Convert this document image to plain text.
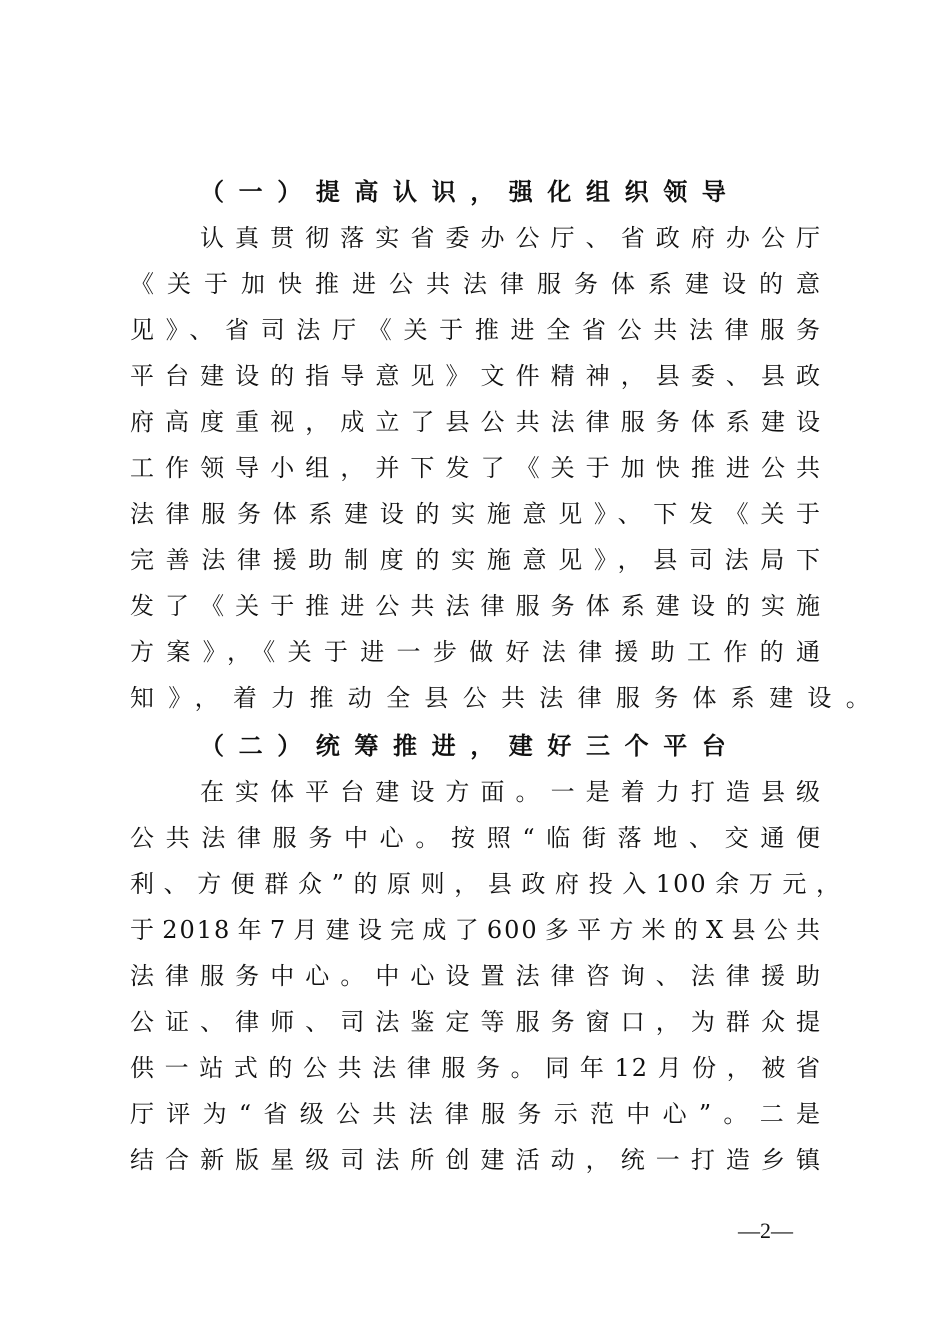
（一）提高认识，强化组织领导
认真贯彻落实省委办公厅、省政府办公厅
《关于加快推进公共法律服务体系建设的意
见》、省司法厅《关于推进全省公共法律服务
平台建设的指导意见》文件精神，县委、县政
府高度重视，成立了县公共法律服务体系建设
工作领导小组，并下发了《关于加快推进公共
法律服务体系建设的实施意见》、下发《关于
完善法律援助制度的实施意见》，县司法局下
发了《关于推进公共法律服务体系建设的实施
方案》，《关于进一步做好法律援助工作的通
知》，着力推动全县公共法律服务体系建设。
（二）统筹推进，建好三个平台
在实体平台建设方面。一是着力打造县级
公共法律服务中心。按照“临街落地、交通便
利、方便群众”的原则，县政府投入100余万元，
于2018年7月建设完成了600多平方米的X县公共
法律服务中心。中心设置法律咨询、法律援助
公证、律师、司法鉴定等服务窗口，为群众提
供一站式的公共法律服务。同年12月份，被省
厅评为“省级公共法律服务示范中心”。二是
结合新版星级司法所创建活动，统一打造乡镇
—2—
